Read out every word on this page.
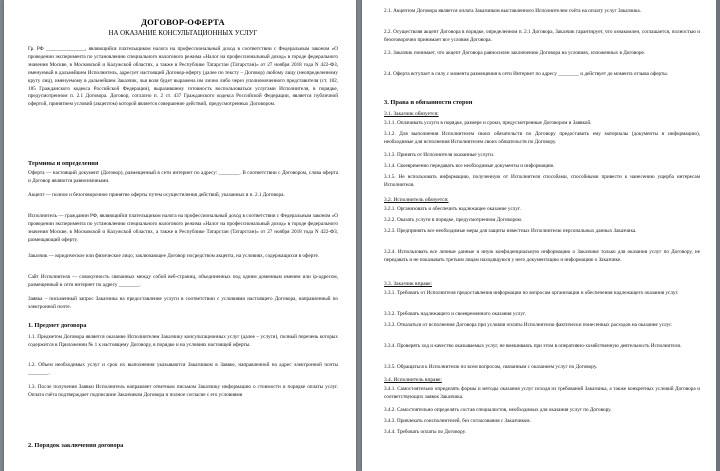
ДОГОВОР-ОФЕРТА
НА ОКАЗАНИЕ КОНСУЛЬТАЦИОННЫХ УСЛУГ
Гр. РФ _______________, являющийся плательщиком налога на профессиональный доход в соответствии с Федеральным законом «О проведении эксперимента по установлению специального налогового режима «Налог на профессиональный доход» в городе федерального значения Москве, в Московской и Калужской областях, а также в Республике Татарстан (Татарстан)» от 27 ноября 2018 года N 422-ФЗ, именуемый в дальнейшем Исполнитель, адресует настоящий Договор-оферту (далее по тексту – Договор) любому лицу (неопределенному кругу лиц), именуемому в дальнейшем Заказчик, чья воля будет выражена им лично либо через уполномоченного представителя (ст. 182, 185 Гражданского кодекса Российской Федерации), выразившему готовность воспользоваться услугами Исполнителя, в порядке, предусмотренном п. 2.1 Договора. Договор, согласно п. 2 ст. 437 Гражданского кодекса Российской Федерации, является публичной офертой, принятием условий (акцептом) которой является совершение действий, предусмотренных Договором.
Термины и определения
Оферта — настоящий документ (Договор), размещенный в сети интернет по адресу: ________. В соответствии с Договором, слова оферта и Договор являются равнозначными.
Акцепт — полное и безоговорочное принятие оферты путем осуществления действий, указанных в п. 2.1 Договора.
Исполнитель — гражданин РФ, являющийся плательщиком налога на профессиональный доход в соответствии с Федеральным законом «О проведении эксперимента по установлению специального налогового режима «Налог на профессиональный доход» в городе федерального значения Москве, в Московской и Калужской областях, а также в Республике Татарстан (Татарстан)» от 27 ноября 2018 года N 422-ФЗ, размещающий оферту.
Заказчик — юридическое или физическое лицо, заключающее Договор посредством акцепта, на условиях, содержащихся в оферте.
Сайт Исполнителя — совокупность связанных между собой веб-страниц, объединенных под одним доменным именем или ip-адресом, размещенный в сети интернет по адресу ________.
Заявка – письменный запрос Заказчика на предоставление услуги в соответствии с условиями настоящего Договора, направленный по электронной почте.
1. Предмет договора
1.1. Предметом Договора является оказание Исполнителем Заказчику консультационных услуг (далее – услуги), полный перечень которых содержится в Приложении № 1 к настоящему Договору, в порядке и на условиях настоящей оферты.
1.2. Объем необходимых услуг и срок их выполнения указываются Заказчиком в Заявке, направленной на адрес электронной почты ________.
1.3. После получения Заявки Исполнитель направляет ответным письмом Заказчику информацию о стоимости и порядке оплаты услуг. Оплата счёта подтверждает подписание Заказчиком Договора и полное согласие с его условиями
2. Порядок заключения договора
2.1. Акцептом Договора является оплата Заказчиком выставленного Исполнителем счёта на оплату услуг Заказчика.
2.2. Осуществляя акцепт Договора в порядке, определенном п. 2.1 Договора, Заказчик гарантирует, что ознакомлен, соглашается, полностью и безоговорочно принимает все условия Договора.
2.3. Заказчик понимает, что акцепт Договора равносилен заключению Договора на условиях, изложенных в Договоре.
2.4. Оферта вступает в силу с момента размещения в сети Интернет по адресу ________ и действует до момента отзыва оферты.
3. Права и обязанности сторон
3.1. Заказчик обязуется:
3.1.1. Оплачивать услуги в порядке, размере и сроки, предусмотренные Договором и Заявкой.
3.1.2. Для выполнения Исполнителем своих обязательств по Договору предоставить ему материалы (документы и информацию), необходимые для исполнения Исполнителем своих обязательств по Договору.
3.1.3. Принять от Исполнителя оказанные услуги.
3.1.4. Своевременно передавать все необходимые документы и информацию.
3.1.5. Не использовать информацию, полученную от Исполнителя способами, способными привести к нанесению ущерба интересам Исполнителя.
3.2. Исполнитель обязуется:
3.2.1. Организовать и обеспечить надлежащее оказание услуг.
3.2.2. Оказать услуги в порядке, предусмотренном Договором.
3.2.3. Предпринять все необходимые меры для защиты известных Исполнителю персональных данных Заказчика.
3.2.4. Использовать все личные данные и иную конфиденциальную информацию о Заказчике только для оказания услуг по Договору, не передавать и не показывать третьим лицам находящуюся у него документацию и информацию о Заказчике.
3.3. Заказчик вправе:
3.3.1. Требовать от Исполнителя предоставления информации по вопросам организации и обеспечения надлежащего оказания услуг.
3.3.2. Требовать надлежащего и своевременного оказания услуг.
3.3.3. Отказаться от исполнения Договора при условии оплаты Исполнителю фактически понесенных расходов на оказание услуг.
3.3.4. Проверять ход и качество оказываемых услуг, не вмешиваясь при этом в оперативно-хозяйственную деятельность Исполнителя.
3.3.5. Обращаться к Исполнителю по всем вопросам, связанным с оказанием услуг по Договору.
3.4. Исполнитель вправе:
3.4.1. Самостоятельно определять формы и методы оказания услуг исходя из требований Заказчика, а также конкретных условий Договора и соответствующих заявок Заказчика.
3.4.2. Самостоятельно определять состав специалистов, необходимых для оказания услуг по Договору.
3.4.3. Привлекать соисполнителей, без согласования с Заказчиком.
3.4.4. Требовать оплаты по Договору.
